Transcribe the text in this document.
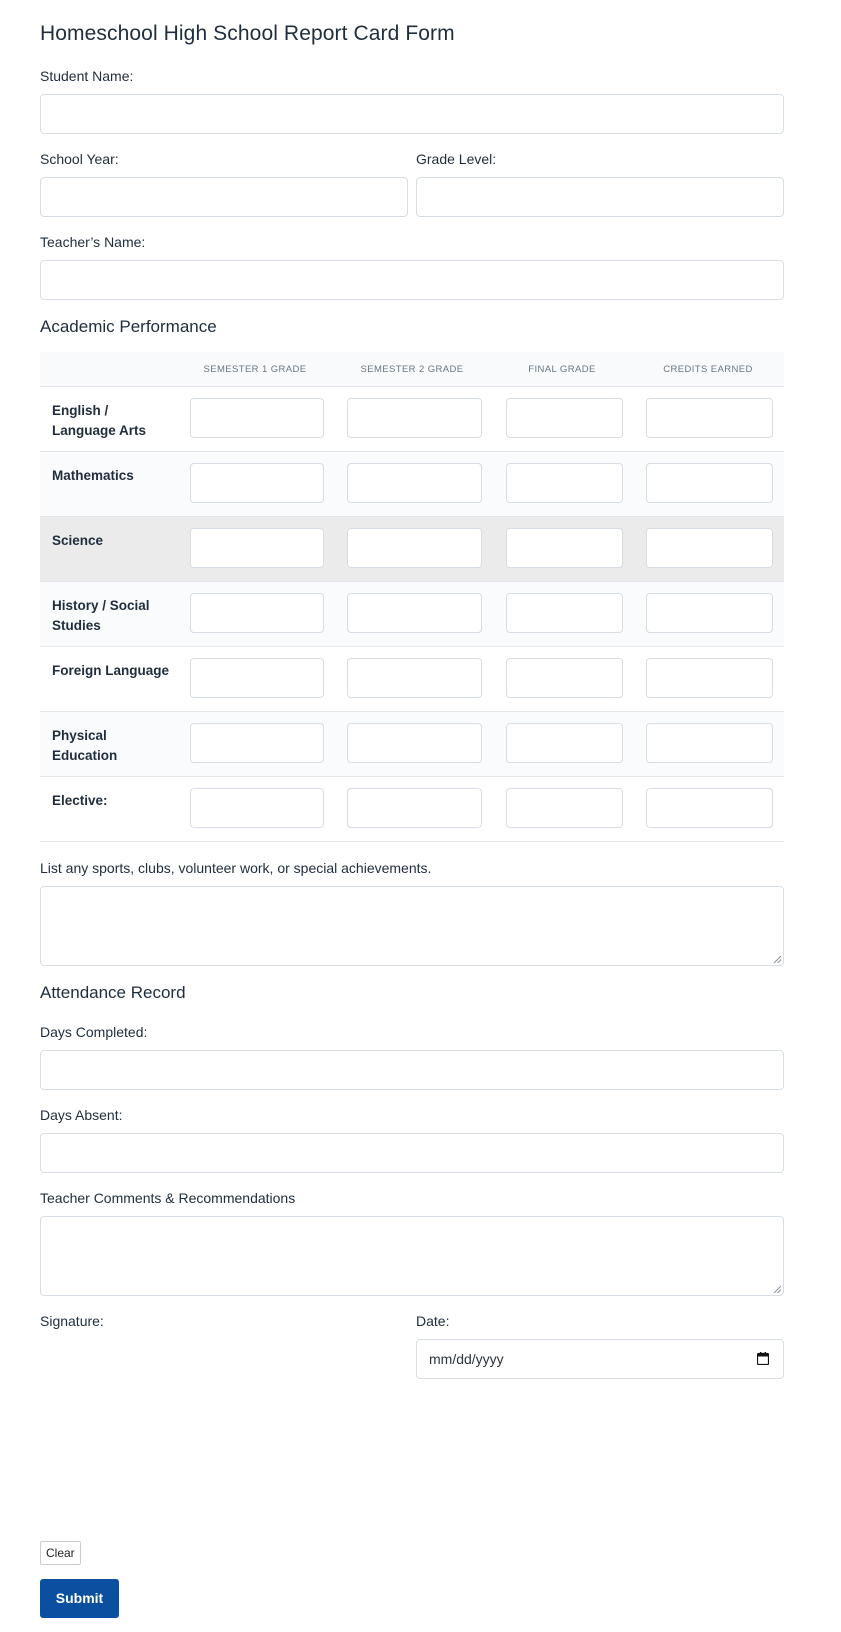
Homeschool High School Report Card Form
Student Name:
School Year:	Grade Level:
Teacher’s Name:
Academic Performance
SEMESTER 1 GRADE	SEMESTER 2 GRADE	FINAL GRADE	CREDITS EARNED
English / Language Arts
Mathematics
Science
History / Social Studies
Foreign Language
Physical Education
Elective:
List any sports, clubs, volunteer work, or special achievements.
Attendance Record
Days Completed:
Days Absent:
Teacher Comments & Recommendations
Signature:	Date:
mm/dd/yyyy
Clear
Submit
